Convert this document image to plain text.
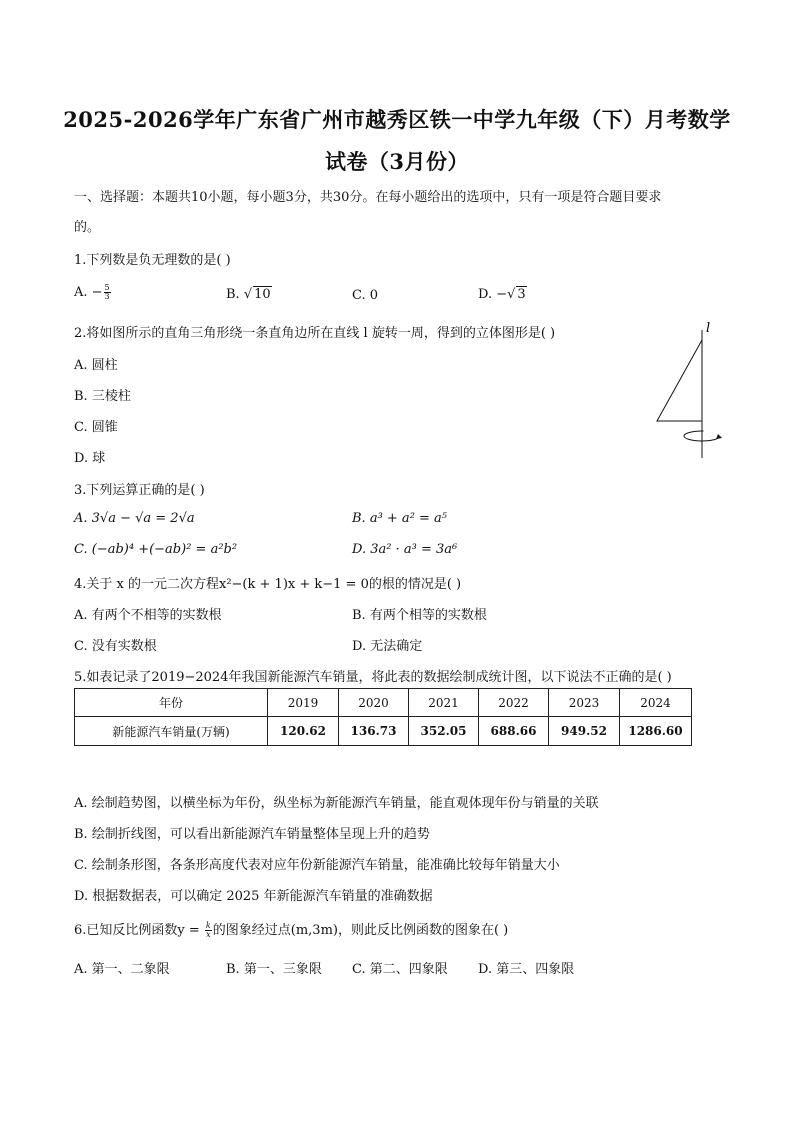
2025-2026学年广东省广州市越秀区铁一中学九年级（下）月考数学
试卷（3月份）
一、选择题：本题共10小题，每小题3分，共30分。在每小题给出的选项中，只有一项是符合题目要求
的。
1.下列数是负无理数的是( )
A. − $\frac{5}{3}$	B. √ 10	C. 0	D. −√ 3
2.将如图所示的直角三角形绕一条直角边所在直线 l 旋转一周，得到的立体图形是( )
A. 圆柱
B. 三棱柱
C. 圆锥
D. 球
l
3.下列运算正确的是( )
A. 3√a − √a = 2√a	B. a³ + a² = a⁵
C. (−ab)⁴ +(−ab)² = a²b²	D. 3a² · a³ = 3a⁶
4.关于 x 的一元二次方程x²−(k + 1)x + k−1 = 0的根的情况是( )
A. 有两个不相等的实数根	B. 有两个相等的实数根
C. 没有实数根	D. 无法确定
5.如表记录了2019−2024年我国新能源汽车销量，将此表的数据绘制成统计图，以下说法不正确的是( )
年份	2019	2020	2021	2022	2023	2024
新能源汽车销量(万辆)	120.62	136.73	352.05	688.66	949.52	1286.60
A. 绘制趋势图，以横坐标为年份，纵坐标为新能源汽车销量，能直观体现年份与销量的关联
B. 绘制折线图，可以看出新能源汽车销量整体呈现上升的趋势
C. 绘制条形图，各条形高度代表对应年份新能源汽车销量，能准确比较每年销量大小
D. 根据数据表，可以确定 2025 年新能源汽车销量的准确数据
6.已知反比例函数$y = \frac{k}{x}$ 的图象经过点(m,3m)，则此反比例函数的图象在( )
A. 第一、二象限	B. 第一、三象限 C. 第二、四象限 D. 第三、四象限
